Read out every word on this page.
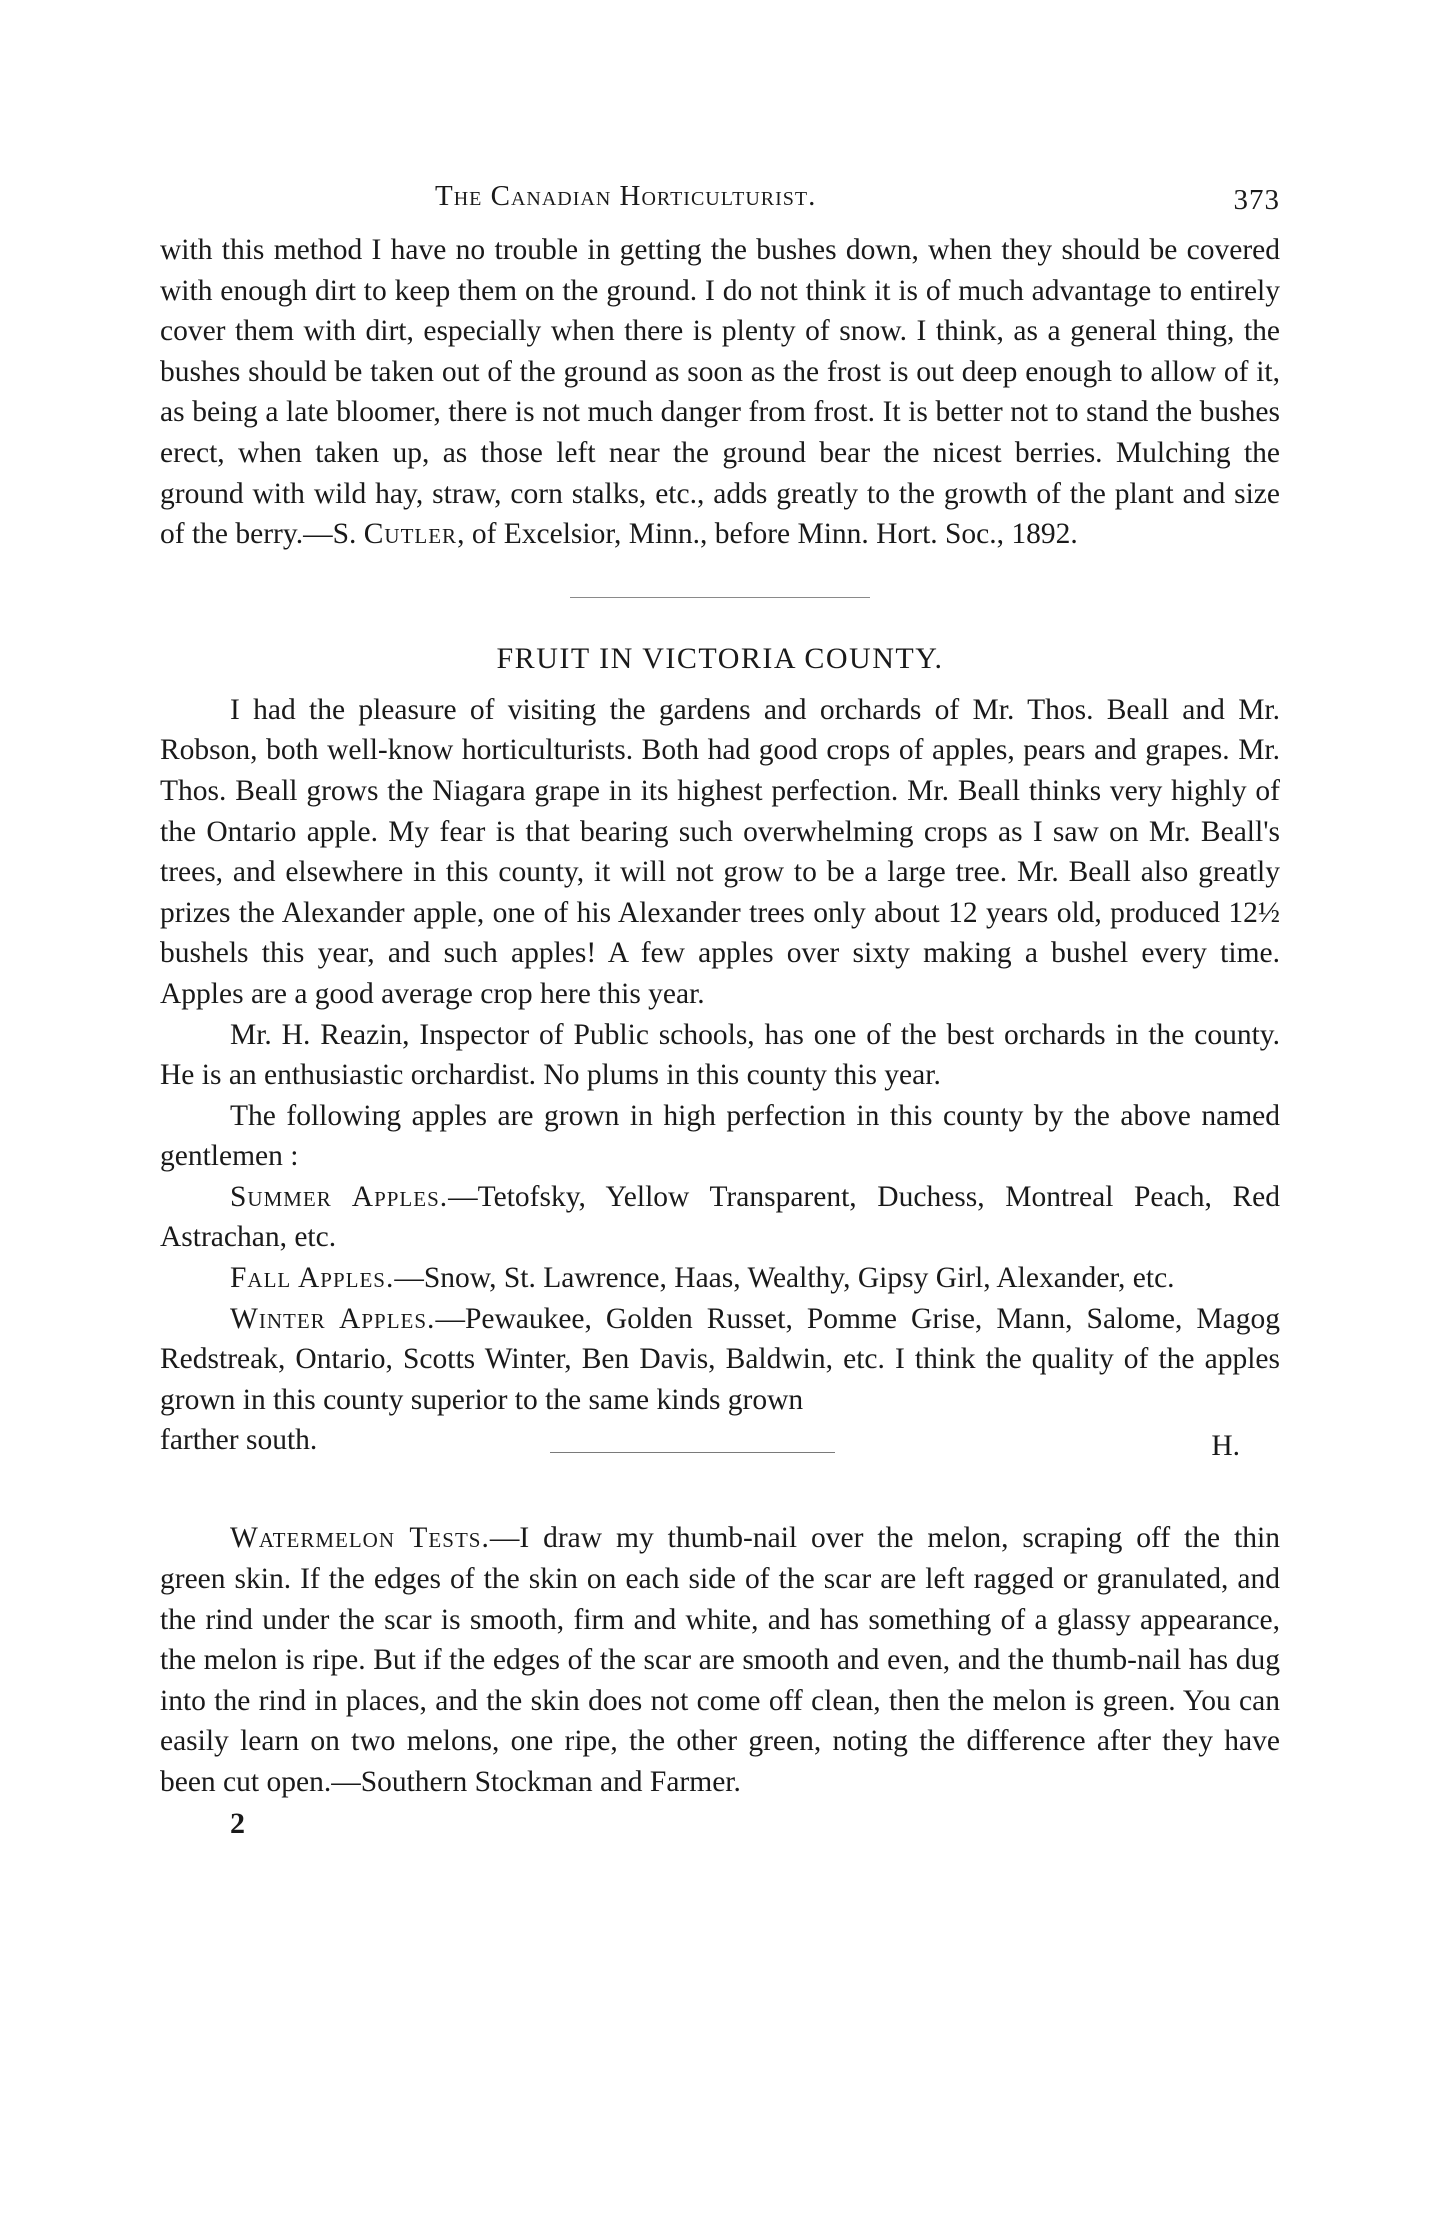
The Canadian Horticulturist.	373

with this method I have no trouble in getting the bushes down, when they should be covered with enough dirt to keep them on the ground. I do not think it is of much advantage to entirely cover them with dirt, especially when there is plenty of snow. I think, as a general thing, the bushes should be taken out of the ground as soon as the frost is out deep enough to allow of it, as being a late bloomer, there is not much danger from frost. It is better not to stand the bushes erect, when taken up, as those left near the ground bear the nicest berries. Mulching the ground with wild hay, straw, corn stalks, etc., adds greatly to the growth of the plant and size of the berry.—S. Cutler, of Excelsior, Minn., before Minn. Hort. Soc., 1892.

FRUIT IN VICTORIA COUNTY.

I had the pleasure of visiting the gardens and orchards of Mr. Thos. Beall and Mr. Robson, both well-know horticulturists. Both had good crops of apples, pears and grapes. Mr. Thos. Beall grows the Niagara grape in its highest perfection. Mr. Beall thinks very highly of the Ontario apple. My fear is that bearing such overwhelming crops as I saw on Mr. Beall's trees, and elsewhere in this county, it will not grow to be a large tree. Mr. Beall also greatly prizes the Alexander apple, one of his Alexander trees only about 12 years old, produced 12½ bushels this year, and such apples! A few apples over sixty making a bushel every time. Apples are a good average crop here this year.

Mr. H. Reazin, Inspector of Public schools, has one of the best orchards in the county. He is an enthusiastic orchardist. No plums in this county this year.

The following apples are grown in high perfection in this county by the above named gentlemen :

Summer Apples.—Tetofsky, Yellow Transparent, Duchess, Montreal Peach, Red Astrachan, etc.

Fall Apples.—Snow, St. Lawrence, Haas, Wealthy, Gipsy Girl, Alexander, etc.

Winter Apples.—Pewaukee, Golden Russet, Pomme Grise, Mann, Salome, Magog Redstreak, Ontario, Scotts Winter, Ben Davis, Baldwin, etc. I think the quality of the apples grown in this county superior to the same kinds grown

farther south.	H.

Watermelon Tests.—I draw my thumb-nail over the melon, scraping off the thin green skin. If the edges of the skin on each side of the scar are left ragged or granulated, and the rind under the scar is smooth, firm and white, and has something of a glassy appearance, the melon is ripe. But if the edges of the scar are smooth and even, and the thumb-nail has dug into the rind in places, and the skin does not come off clean, then the melon is green. You can easily learn on two melons, one ripe, the other green, noting the difference after they have been cut open.—Southern Stockman and Farmer.

2
